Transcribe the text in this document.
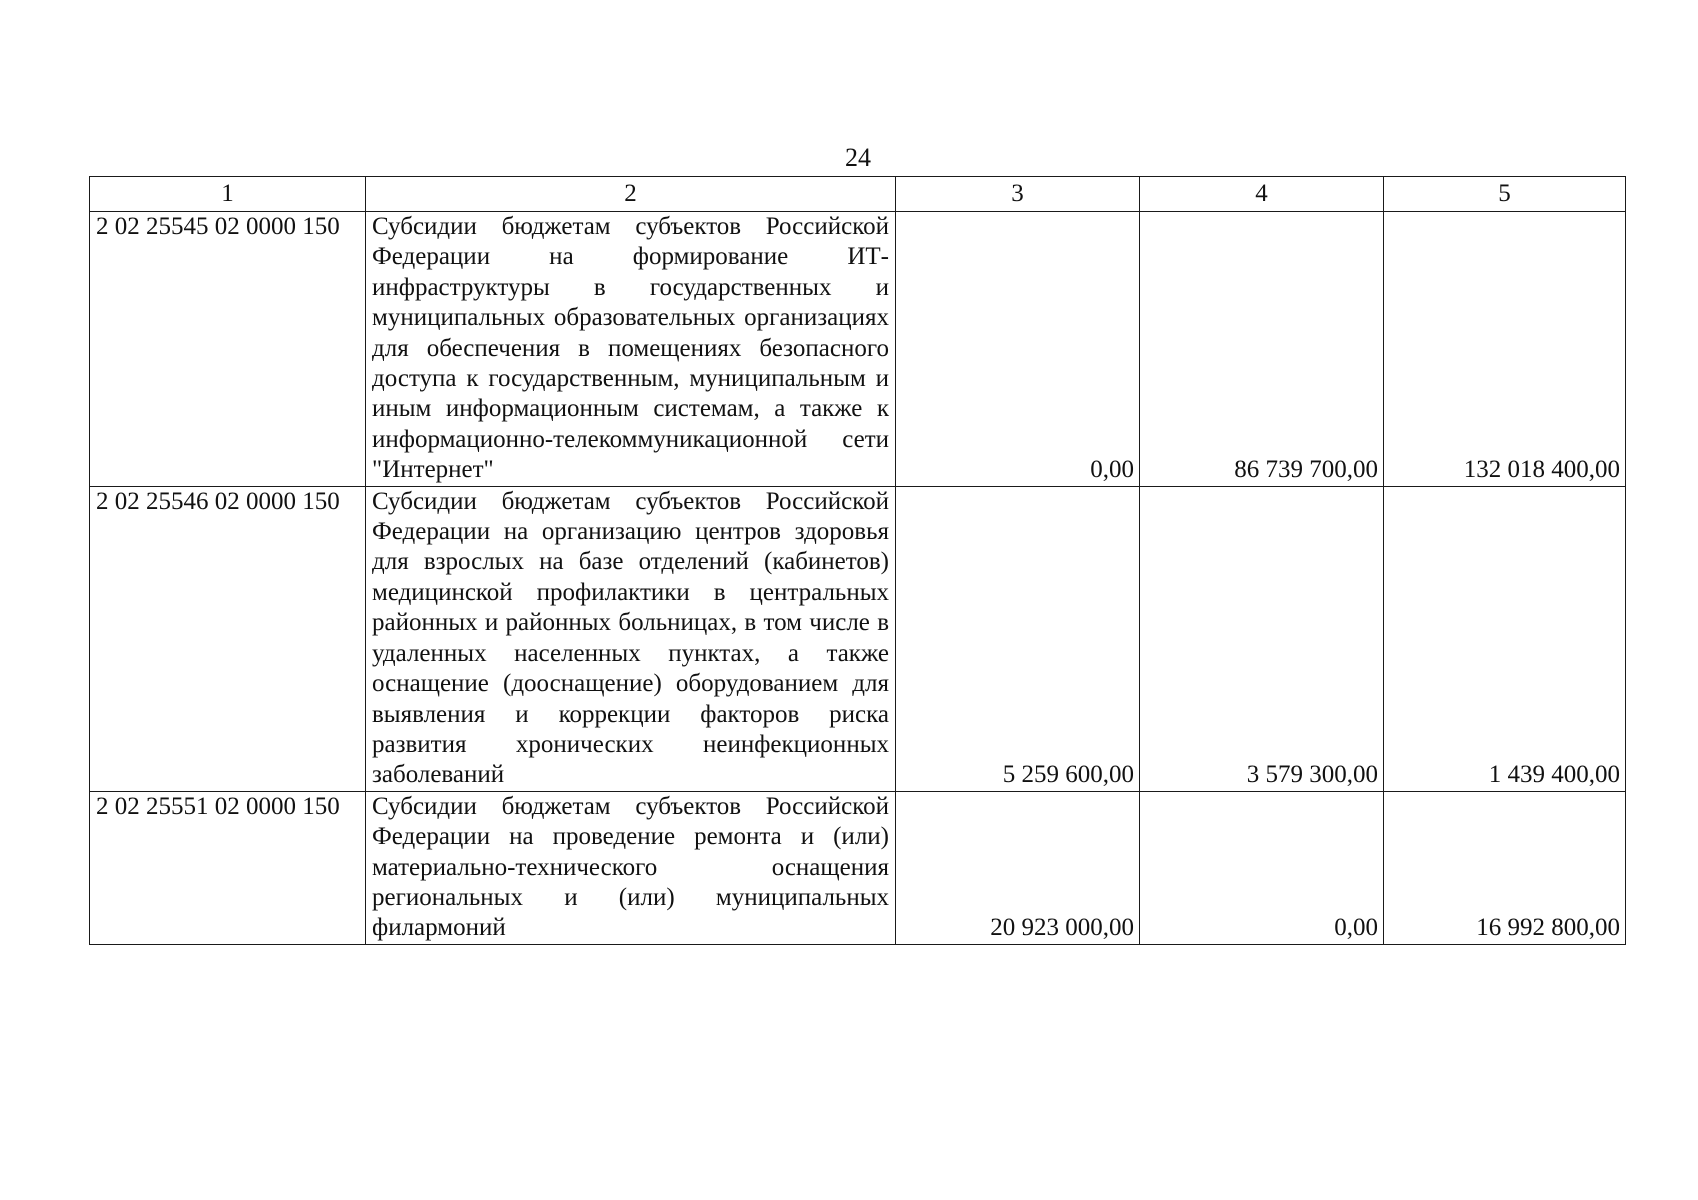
24
1	2	3	4	5
2 02 25545 02 0000 150	Субсидии бюджетам субъектов Российской Федерации на формирование ИТ-инфраструктуры в государственных и муниципальных образовательных организациях для обеспечения в помещениях безопасного доступа к государственным, муниципальным и иным информационным системам, а также к информационно-телекоммуникационной сети "Интернет"	0,00	86 739 700,00	132 018 400,00
2 02 25546 02 0000 150	Субсидии бюджетам субъектов Российской Федерации на организацию центров здоровья для взрослых на базе отделений (кабинетов) медицинской профилактики в центральных районных и районных больницах, в том числе в удаленных населенных пунктах, а также оснащение (дооснащение) оборудованием для выявления и коррекции факторов риска развития хронических неинфекционных заболеваний	5 259 600,00	3 579 300,00	1 439 400,00
2 02 25551 02 0000 150	Субсидии бюджетам субъектов Российской Федерации на проведение ремонта и (или) материально-технического оснащения региональных и (или) муниципальных филармоний	20 923 000,00	0,00	16 992 800,00
